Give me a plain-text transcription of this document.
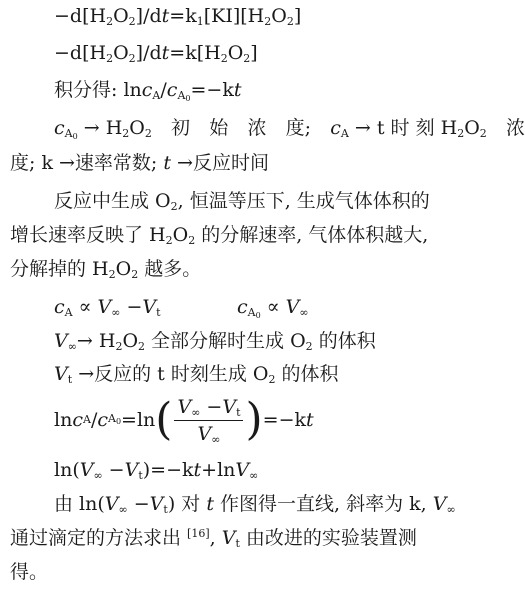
$-d[H_2O_2]/dt=k_1[KI][H_2O_2]$
$-d[H_2O_2]/dt=k[H_2O_2]$
积分得: $\ln c_A/c_{A_0}=-kt$
$c_{A_0} \to H_2O_2$ 初 始 浓 度; $c_A \to t$ 时 刻 $H_2O_2$ 浓
度; k →速率常数; t →反应时间
反应中生成 $O_2$, 恒温等压下, 生成气体体积的
增长速率反映了 $H_2O_2$ 的分解速率, 气体体积越大,
分解掉的 $H_2O_2$ 越多。
$c_A \propto V_\infty -V_t$	$c_{A_0} \propto V_\infty$
$V_\infty\to H_2O_2$ 全部分解时生成 $O_2$ 的体积
$V_t$ →反应的 t 时刻生成 $O_2$ 的体积
ln c A / c $A_0 =\ln$ ( $\frac{V_\infty -V_t}{V_\infty}$ ) =−k t
$\ln(V_\infty -V_t)=-kt+\ln V_\infty$
由 $\ln(V_\infty -V_t)$ 对 t 作图得一直线, 斜率为 k, $V_\infty$
通过滴定的方法求出 [16], $V_t$ 由改进的实验装置测
得。
